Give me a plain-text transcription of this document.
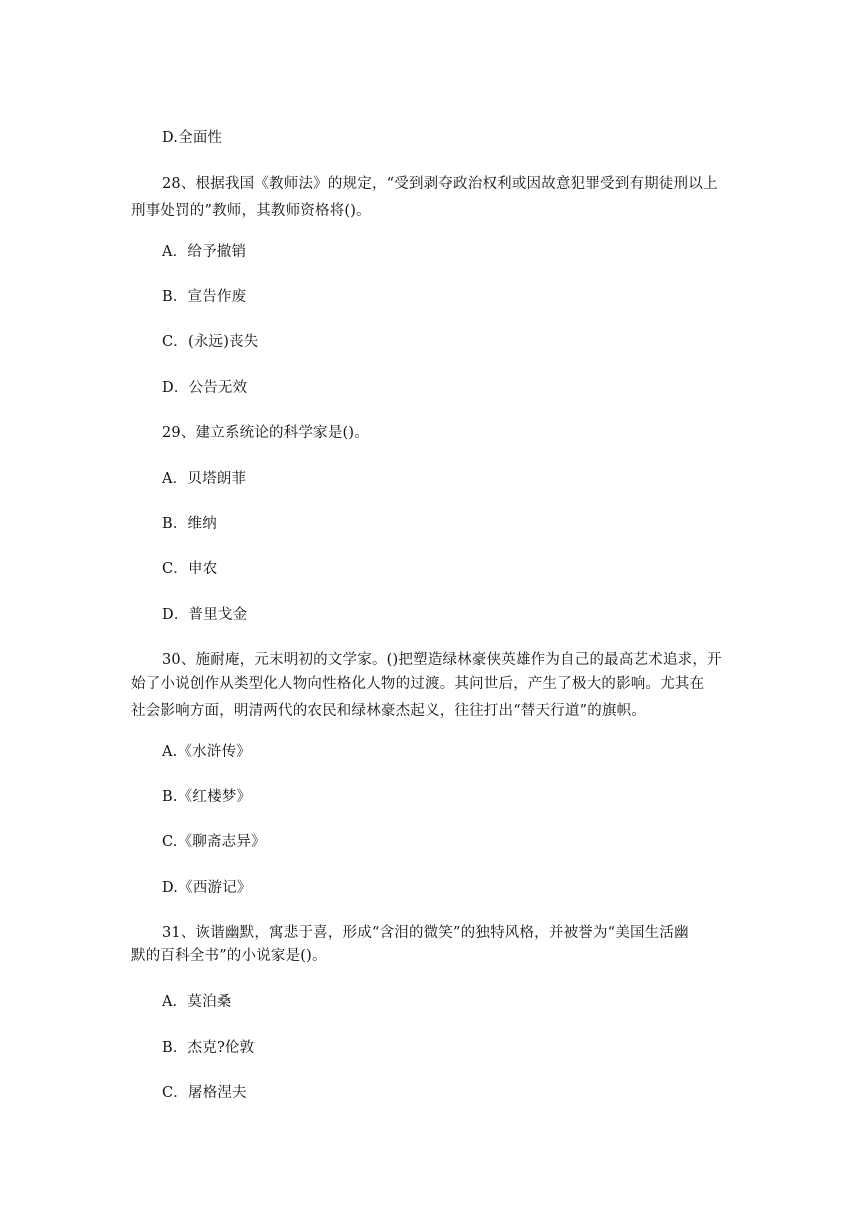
D.全面性
28、根据我国《教师法》的规定，“受到剥夺政治权利或因故意犯罪受到有期徒刑以上
刑事处罚的”教师，其教师资格将()。
A．给予撤销
B．宣告作废
C．(永远)丧失
D．公告无效
29、建立系统论的科学家是()。
A．贝塔朗菲
B．维纳
C．申农
D．普里戈金
30、施耐庵，元末明初的文学家。()把塑造绿林豪侠英雄作为自己的最高艺术追求，开
始了小说创作从类型化人物向性格化人物的过渡。其问世后，产生了极大的影响。尤其在
社会影响方面，明清两代的农民和绿林豪杰起义，往往打出“替天行道”的旗帜。
A.《水浒传》
B.《红楼梦》
C.《聊斋志异》
D.《西游记》
31、诙谐幽默，寓悲于喜，形成“含泪的微笑”的独特风格，并被誉为“美国生活幽
默的百科全书”的小说家是()。
A．莫泊桑
B．杰克?伦敦
C．屠格涅夫
